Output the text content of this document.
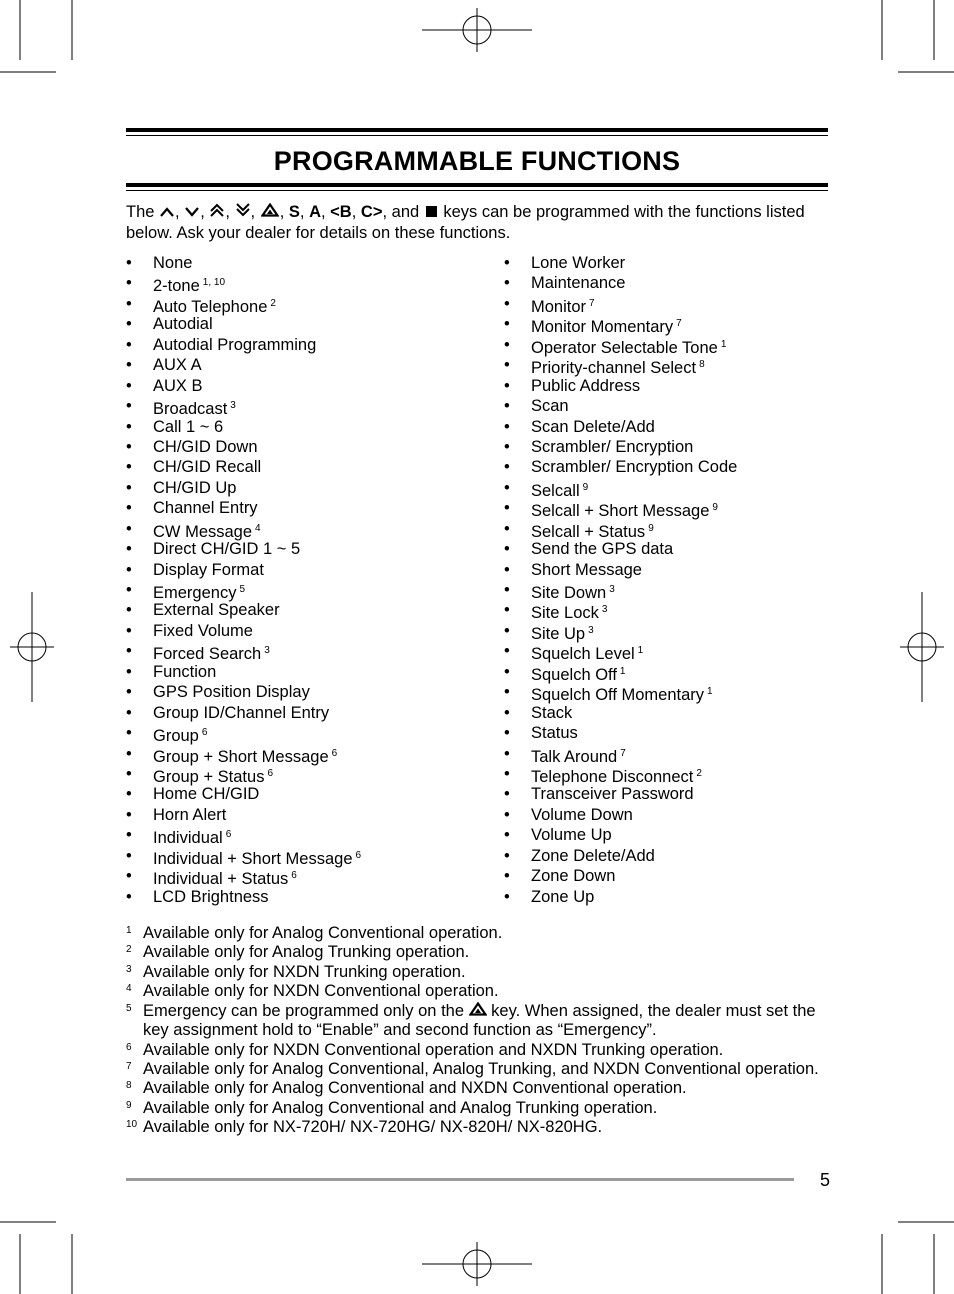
PROGRAMMABLE FUNCTIONS
The , , , , , S, A, <B, C>, and  keys can be programmed with the functions listed below. Ask your dealer for details on these functions.
• None
• 2-tone $^{1, 10}$
• Auto Telephone $^2$
• Autodial
• Autodial Programming
• AUX A
• AUX B
• Broadcast $^3$
• Call 1 ~ 6
• CH/GID Down
• CH/GID Recall
• CH/GID Up
• Channel Entry
• CW Message $^4$
• Direct CH/GID 1 ~ 5
• Display Format
• Emergency $^5$
• External Speaker
• Fixed Volume
• Forced Search $^3$
• Function
• GPS Position Display
• Group ID/Channel Entry
• Group $^6$
• Group + Short Message $^6$
• Group + Status $^6$
• Home CH/GID
• Horn Alert
• Individual $^6$
• Individual + Short Message $^6$
• Individual + Status $^6$
• LCD Brightness
• Lone Worker
• Maintenance
• Monitor $^7$
• Monitor Momentary $^7$
• Operator Selectable Tone $^1$
• Priority-channel Select $^8$
• Public Address
• Scan
• Scan Delete/Add
• Scrambler/ Encryption
• Scrambler/ Encryption Code
• Selcall $^9$
• Selcall + Short Message $^9$
• Selcall + Status $^9$
• Send the GPS data
• Short Message
• Site Down $^3$
• Site Lock $^3$
• Site Up $^3$
• Squelch Level $^1$
• Squelch Off $^1$
• Squelch Off Momentary $^1$
• Stack
• Status
• Talk Around $^7$
• Telephone Disconnect $^2$
• Transceiver Password
• Volume Down
• Volume Up
• Zone Delete/Add
• Zone Down
• Zone Up
1 Available only for Analog Conventional operation.
2 Available only for Analog Trunking operation.
3 Available only for NXDN Trunking operation.
4 Available only for NXDN Conventional operation.
5 Emergency can be programmed only on the  key. When assigned, the dealer must set the key assignment hold to “Enable” and second function as “Emergency”.
6 Available only for NXDN Conventional operation and NXDN Trunking operation.
7 Available only for Analog Conventional, Analog Trunking, and NXDN Conventional operation.
8 Available only for Analog Conventional and NXDN Conventional operation.
9 Available only for Analog Conventional and Analog Trunking operation.
10 Available only for NX-720H/ NX-720HG/ NX-820H/ NX-820HG.
5
